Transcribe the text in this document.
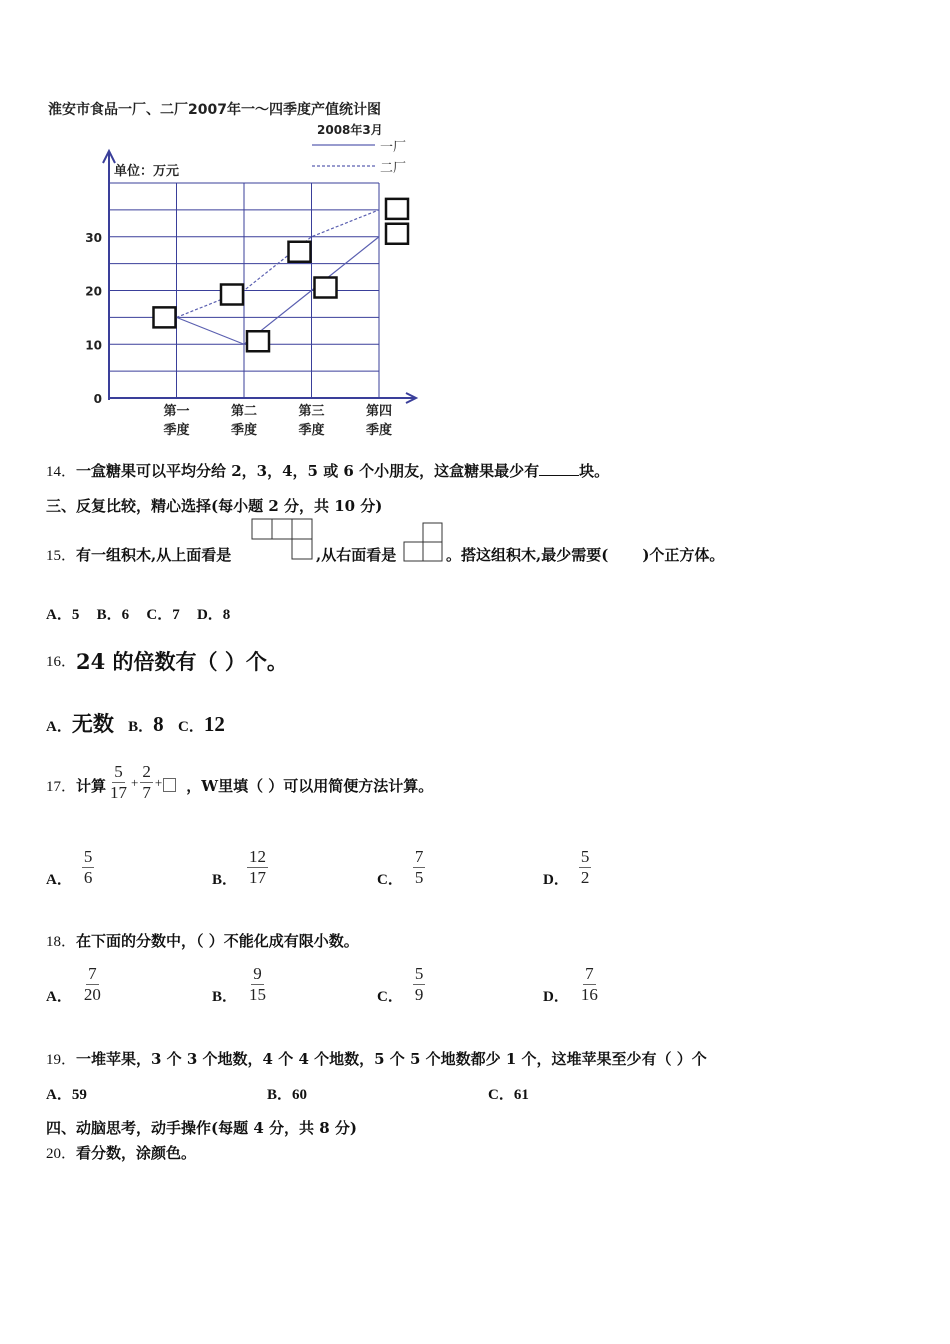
淮安市食品一厂、二厂2007年一～四季度产值统计图
2008年3月
单位：万元
一厂
二厂
0
10
20
30
第一
季度
第二
季度
第三
季度
第四
季度
14．一盒糖果可以平均分给 2，3，4，5 或 6 个小朋友，这盒糖果最少有	块。
三、反复比较，精心选择(每小题 2 分，共 10 分)
15．有一组积木,从上面看是	,从右面看是	。搭这组积木,最少需要( )个正方体。
A．5 B．6 C．7 D．8
16．24 的倍数有（ ）个。
A．无数 B．8 C．12
17． 计算 $\frac{5}{17} + \frac{2}{7}$ + ，W里填（ ）可以用简便方法计算。
A． $\frac{5}{6}$	B． $\frac{12}{17}$	C． $\frac{7}{5}$	D． $\frac{5}{2}$
18．在下面的分数中，（ ）不能化成有限小数。
A． $\frac{7}{20}$	B． $\frac{9}{15}$	C． $\frac{5}{9}$	D． $\frac{7}{16}$
19．一堆苹果，3 个 3 个地数，4 个 4 个地数，5 个 5 个地数都少 1 个，这堆苹果至少有（ ）个
A．59	B．60	C．61
四、动脑思考，动手操作(每题 4 分，共 8 分)
20．看分数，涂颜色。
